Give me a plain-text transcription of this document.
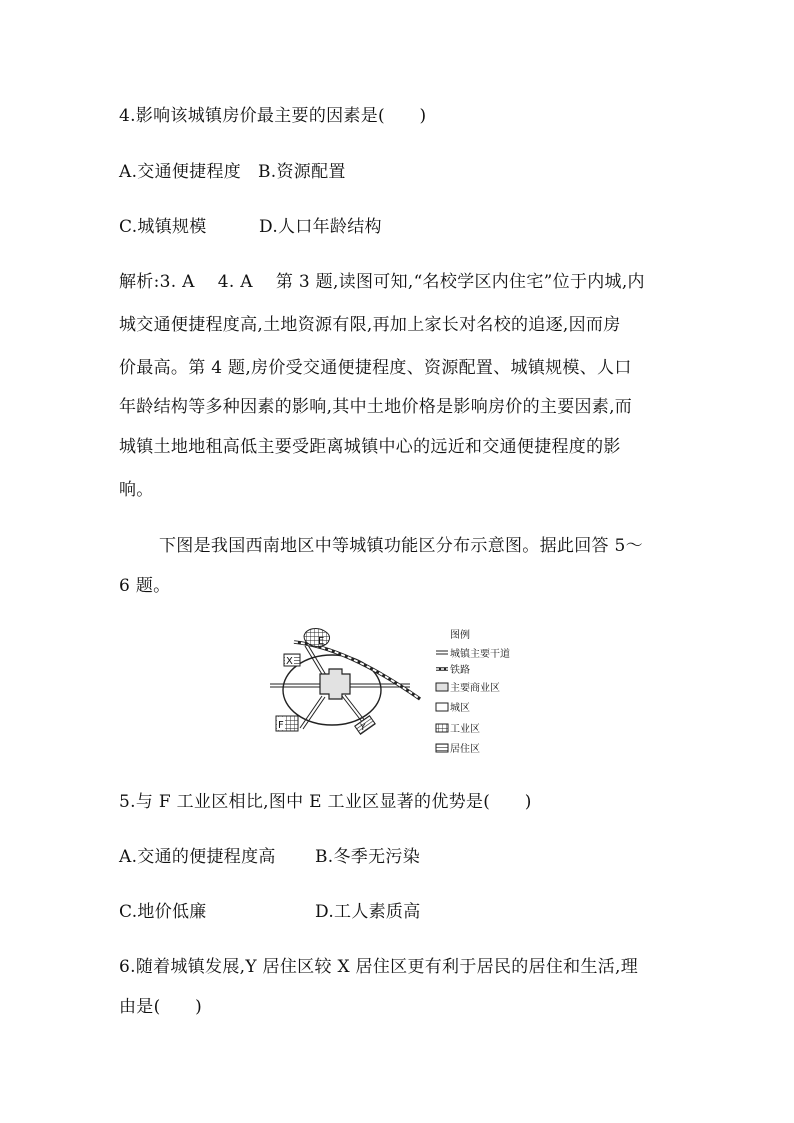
4.影响该城镇房价最主要的因素是(　　)
A.交通便捷程度 B.资源配置
C.城镇规模	D.人口年龄结构
解析:3. A　 4. A　 第 3 题,读图可知,“名校学区内住宅”位于内城,内
城交通便捷程度高,土地资源有限,再加上家长对名校的追逐,因而房
价最高。第 4 题,房价受交通便捷程度、资源配置、城镇规模、人口
年龄结构等多种因素的影响,其中土地价格是影响房价的主要因素,而
城镇土地地租高低主要受距离城镇中心的远近和交通便捷程度的影
响。
下图是我国西南地区中等城镇功能区分布示意图。据此回答 5～
6 题。
E
X
F	Y
图例
城镇主要干道
铁路
主要商业区
城区
工业区
居住区
5.与 F 工业区相比,图中 E 工业区显著的优势是(　　)
A.交通的便捷程度高 B.冬季无污染
C.地价低廉	D.工人素质高
6.随着城镇发展,Y 居住区较 X 居住区更有利于居民的居住和生活,理
由是(　　)
